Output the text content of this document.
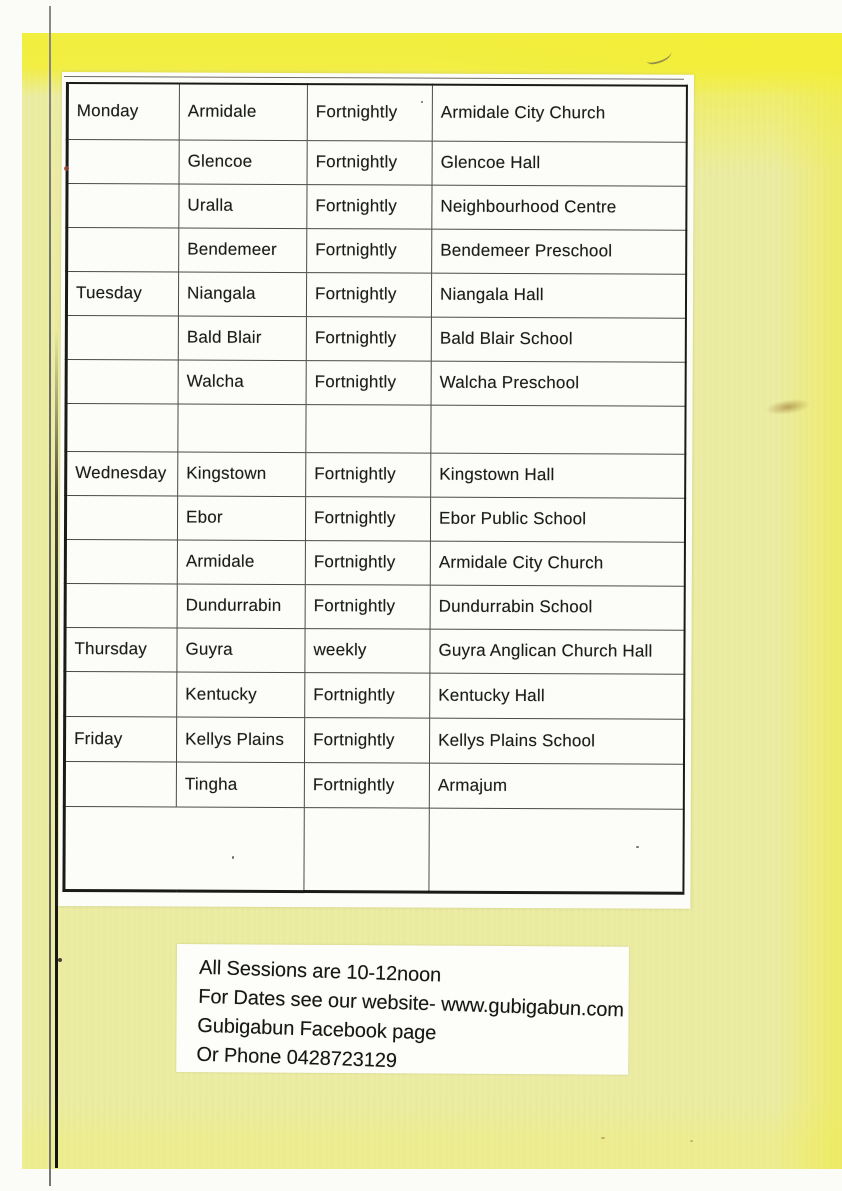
Monday	Armidale	Fortnightly	Armidale City Church
	Glencoe	Fortnightly	Glencoe Hall
	Uralla	Fortnightly	Neighbourhood Centre
	Bendemeer	Fortnightly	Bendemeer Preschool
Tuesday	Niangala	Fortnightly	Niangala Hall
	Bald Blair	Fortnightly	Bald Blair School
	Walcha	Fortnightly	Walcha Preschool

Wednesday	Kingstown	Fortnightly	Kingstown Hall
	Ebor	Fortnightly	Ebor Public School
	Armidale	Fortnightly	Armidale City Church
	Dundurrabin	Fortnightly	Dundurrabin School
Thursday	Guyra	weekly	Guyra Anglican Church Hall
	Kentucky	Fortnightly	Kentucky Hall
Friday	Kellys Plains	Fortnightly	Kellys Plains School
	Tingha	Fortnightly	Armajum

All Sessions are 10-12noon
For Dates see our website- www.gubigabun.com
Gubigabun Facebook page
Or Phone 0428723129
